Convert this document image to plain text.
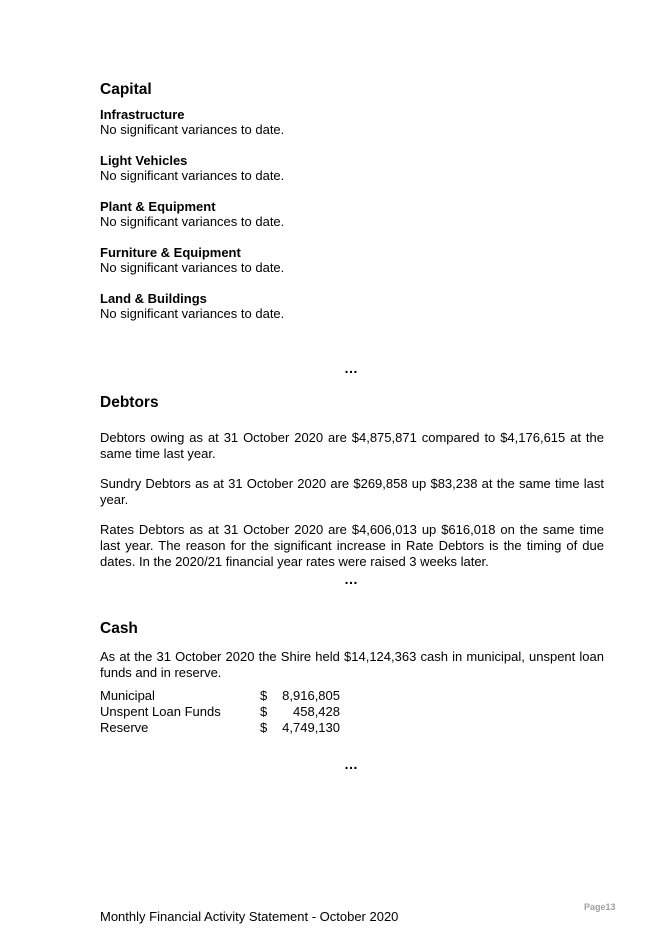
Capital
Infrastructure
No significant variances to date.
Light Vehicles
No significant variances to date.
Plant & Equipment
No significant variances to date.
Furniture & Equipment
No significant variances to date.
Land & Buildings
No significant variances to date.
…
Debtors
Debtors owing as at 31 October 2020 are $4,875,871 compared to $4,176,615 at the same time last year.
Sundry Debtors as at 31 October 2020 are $269,858 up $83,238 at the same time last year.
Rates Debtors as at 31 October 2020 are $4,606,013 up $616,018 on the same time last year. The reason for the significant increase in Rate Debtors is the timing of due dates. In the 2020/21 financial year rates were raised 3 weeks later.
…
Cash
As at the 31 October 2020 the Shire held $14,124,363 cash in municipal, unspent loan funds and in reserve.
Municipal	$	8,916,805
Unspent Loan Funds	$	458,428
Reserve	$	4,749,130
…
Page13
Monthly Financial Activity Statement - October 2020
